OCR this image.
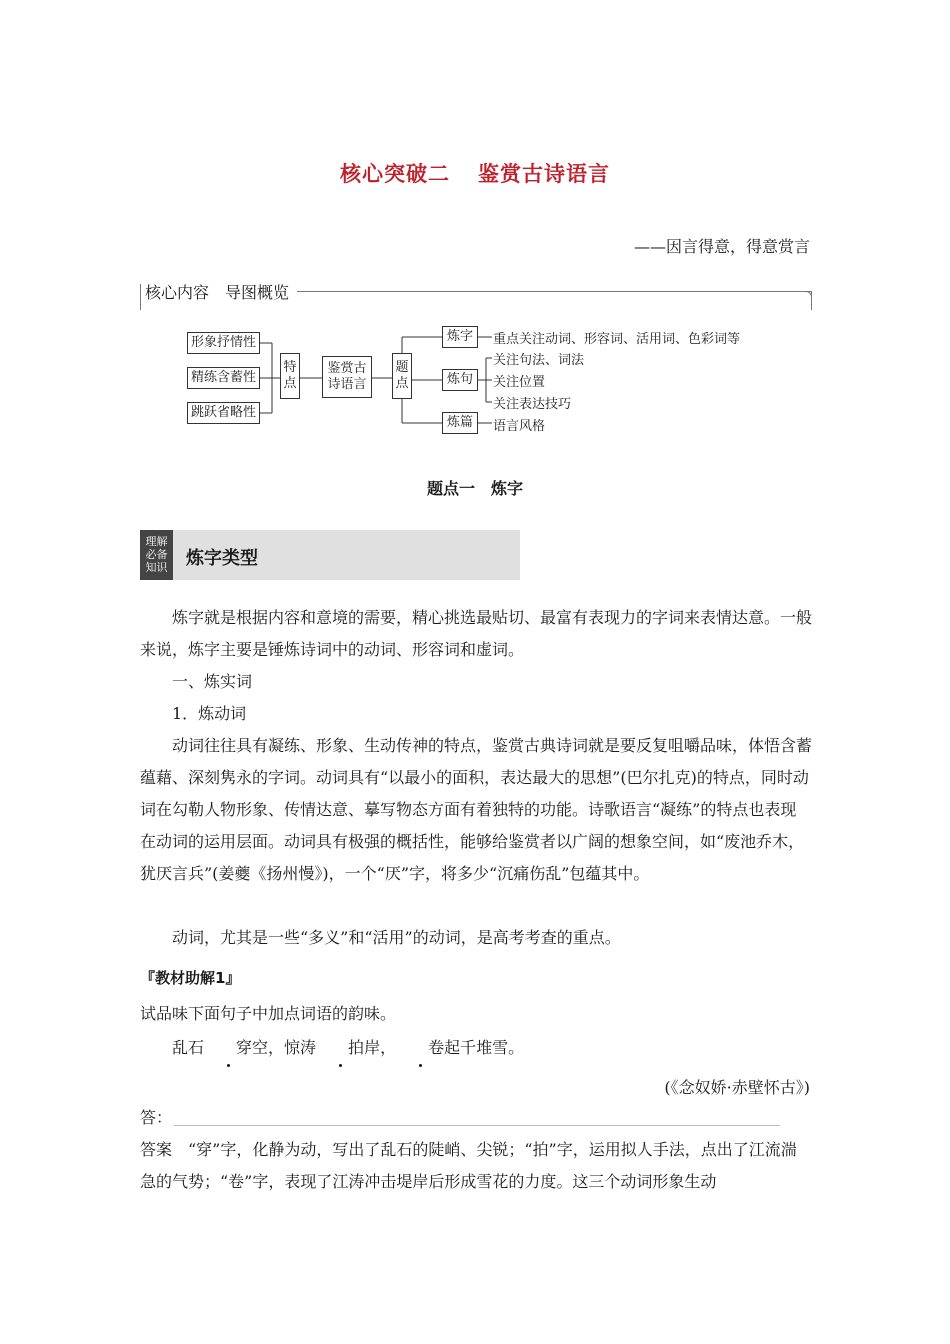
核心突破二 鉴赏古诗语言
——因言得意，得意赏言
核心内容　导图概览
形象抒情性
精练含蓄性
跳跃省略性
特点
鉴赏古诗语言
题点
炼字
炼句
炼篇
重点关注动词、形容词、活用词、色彩词等
关注句法、词法
关注位置
关注表达技巧
语言风格
题点一　炼字
理解
必备
知识	炼字类型
炼字就是根据内容和意境的需要，精心挑选最贴切、最富有表现力的字词来表情达意。一般来说，炼字主要是锤炼诗词中的动词、形容词和虚词。
一、炼实词
1．炼动词
动词往往具有凝练、形象、生动传神的特点，鉴赏古典诗词就是要反复咀嚼品味，体悟含蓄蕴藉、深刻隽永的字词。动词具有“以最小的面积，表达最大的思想”(巴尔扎克)的特点，同时动词在勾勒人物形象、传情达意、摹写物态方面有着独特的功能。诗歌语言“凝练”的特点也表现在动词的运用层面。动词具有极强的概括性，能够给鉴赏者以广阔的想象空间，如“废池乔木，犹厌言兵”(姜夔《扬州慢》)，一个“厌”字，将多少“沉痛伤乱”包蕴其中。
动词，尤其是一些“多义”和“活用”的动词，是高考考查的重点。
『教材助解1』
试品味下面句子中加点词语的韵味。
乱石 穿空，惊涛 拍岸， 卷起千堆雪。
(《念奴娇·赤壁怀古》)
答：
答案　“穿”字，化静为动，写出了乱石的陡峭、尖锐；“拍”字，运用拟人手法，点出了江流湍急的气势；“卷”字，表现了江涛冲击堤岸后形成雪花的力度。这三个动词形象生动
